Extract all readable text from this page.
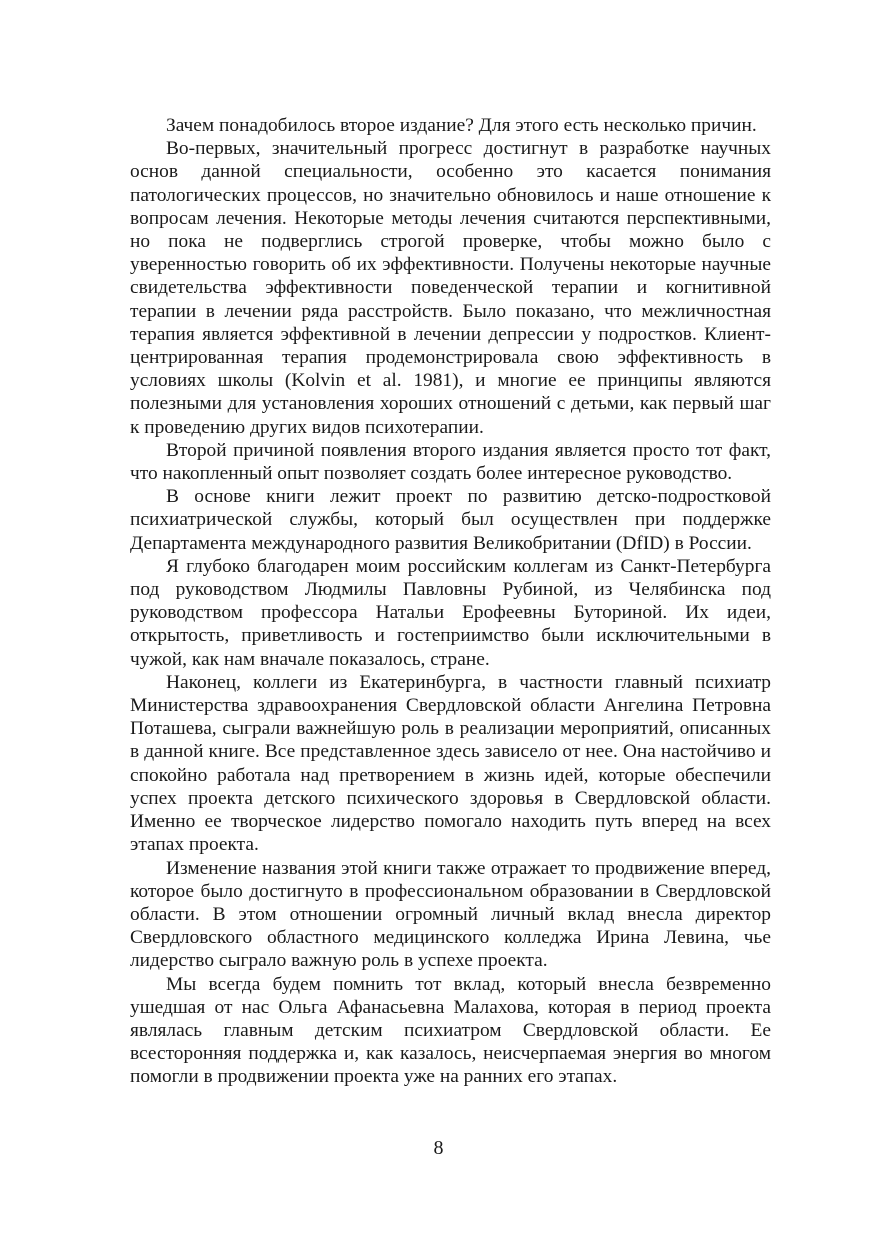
Зачем понадобилось второе издание? Для этого есть несколько причин.

Во-первых, значительный прогресс достигнут в разработке научных основ данной специальности, особенно это касается понимания патологических процессов, но значительно обновилось и наше отношение к вопросам лечения. Некоторые методы лечения считаются перспективными, но пока не подверглись строгой проверке, чтобы можно было с уверенностью говорить об их эффективности. Получены некоторые научные свидетельства эффективности поведенческой терапии и когнитивной терапии в лечении ряда расстройств. Было показано, что межличностная терапия является эффективной в лечении депрессии у подростков. Клиент-центрированная терапия продемонстрировала свою эффективность в условиях школы (Kolvin et al. 1981), и многие ее принципы являются полезными для установления хороших отношений с детьми, как первый шаг к проведению других видов психотерапии.

Второй причиной появления второго издания является просто тот факт, что накопленный опыт позволяет создать более интересное руководство.

В основе книги лежит проект по развитию детско-подростковой психиатрической службы, который был осуществлен при поддержке Департамента международного развития Великобритании (DfID) в России.

Я глубоко благодарен моим российским коллегам из Санкт-Петербурга под руководством Людмилы Павловны Рубиной, из Челябинска под руководством профессора Натальи Ерофеевны Буториной. Их идеи, открытость, приветливость и гостеприимство были исключительными в чужой, как нам вначале показалось, стране.

Наконец, коллеги из Екатеринбурга, в частности главный психиатр Министерства здравоохранения Свердловской области Ангелина Петровна Поташева, сыграли важнейшую роль в реализации мероприятий, описанных в данной книге. Все представленное здесь зависело от нее. Она настойчиво и спокойно работала над претворением в жизнь идей, которые обеспечили успех проекта детского психического здоровья в Свердловской области. Именно ее творческое лидерство помогало находить путь вперед на всех этапах проекта.

Изменение названия этой книги также отражает то продвижение вперед, которое было достигнуто в профессиональном образовании в Свердловской области. В этом отношении огромный личный вклад внесла директор Свердловского областного медицинского колледжа Ирина Левина, чье лидерство сыграло важную роль в успехе проекта.

Мы всегда будем помнить тот вклад, который внесла безвременно ушедшая от нас Ольга Афанасьевна Малахова, которая в период проекта являлась главным детским психиатром Свердловской области. Ее всесторонняя поддержка и, как казалось, неисчерпаемая энергия во многом помогли в продвижении проекта уже на ранних его этапах.

8
